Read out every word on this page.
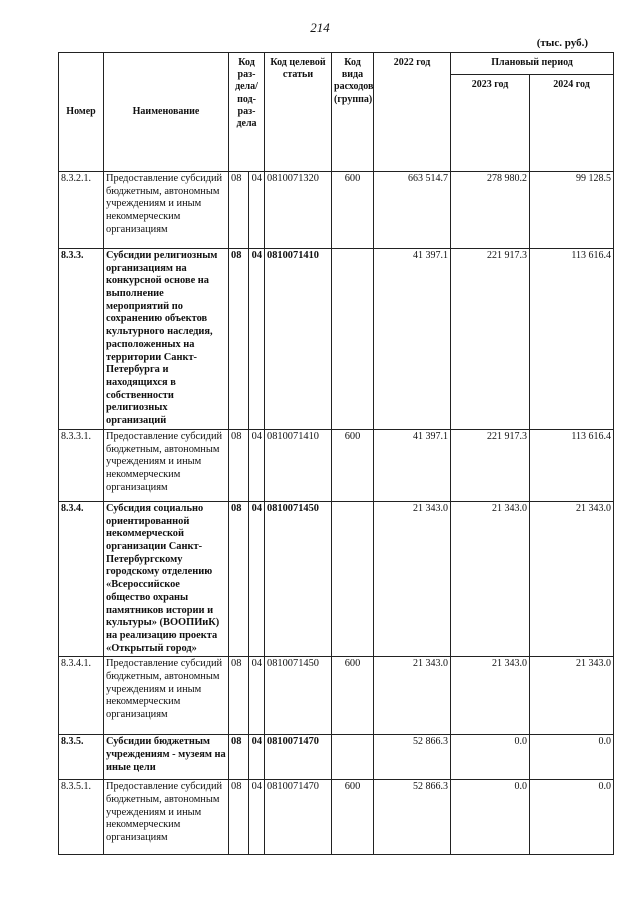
214
(тыс. руб.)
Номер	Наименование	Код раз-дела/ под-раз-дела		Код целевой статьи	Код вида расходов (группа)	2022 год	Плановый период	
							2023 год	2024 год
8.3.2.1.	Предоставление субсидий бюджетным, автономным учреждениям и иным некоммерческим организациям	08	04	0810071320	600	663 514.7	278 980.2	99 128.5
8.3.3.	Субсидии религиозным организациям на конкурсной основе на выполнение мероприятий по сохранению объектов культурного наследия, расположенных на территории Санкт-Петербурга и находящихся в собственности религиозных организаций	08	04	0810071410		41 397.1	221 917.3	113 616.4
8.3.3.1.	Предоставление субсидий бюджетным, автономным учреждениям и иным некоммерческим организациям	08	04	0810071410	600	41 397.1	221 917.3	113 616.4
8.3.4.	Субсидия социально ориентированной некоммерческой организации Санкт-Петербургскому городскому отделению «Всероссийское общество охраны памятников истории и культуры» (ВООПИиК) на реализацию проекта «Открытый город»	08	04	0810071450		21 343.0	21 343.0	21 343.0
8.3.4.1.	Предоставление субсидий бюджетным, автономным учреждениям и иным некоммерческим организациям	08	04	0810071450	600	21 343.0	21 343.0	21 343.0
8.3.5.	Субсидии бюджетным учреждениям - музеям на иные цели	08	04	0810071470		52 866.3	0.0	0.0
8.3.5.1.	Предоставление субсидий бюджетным, автономным учреждениям и иным некоммерческим организациям	08	04	0810071470	600	52 866.3	0.0	0.0
